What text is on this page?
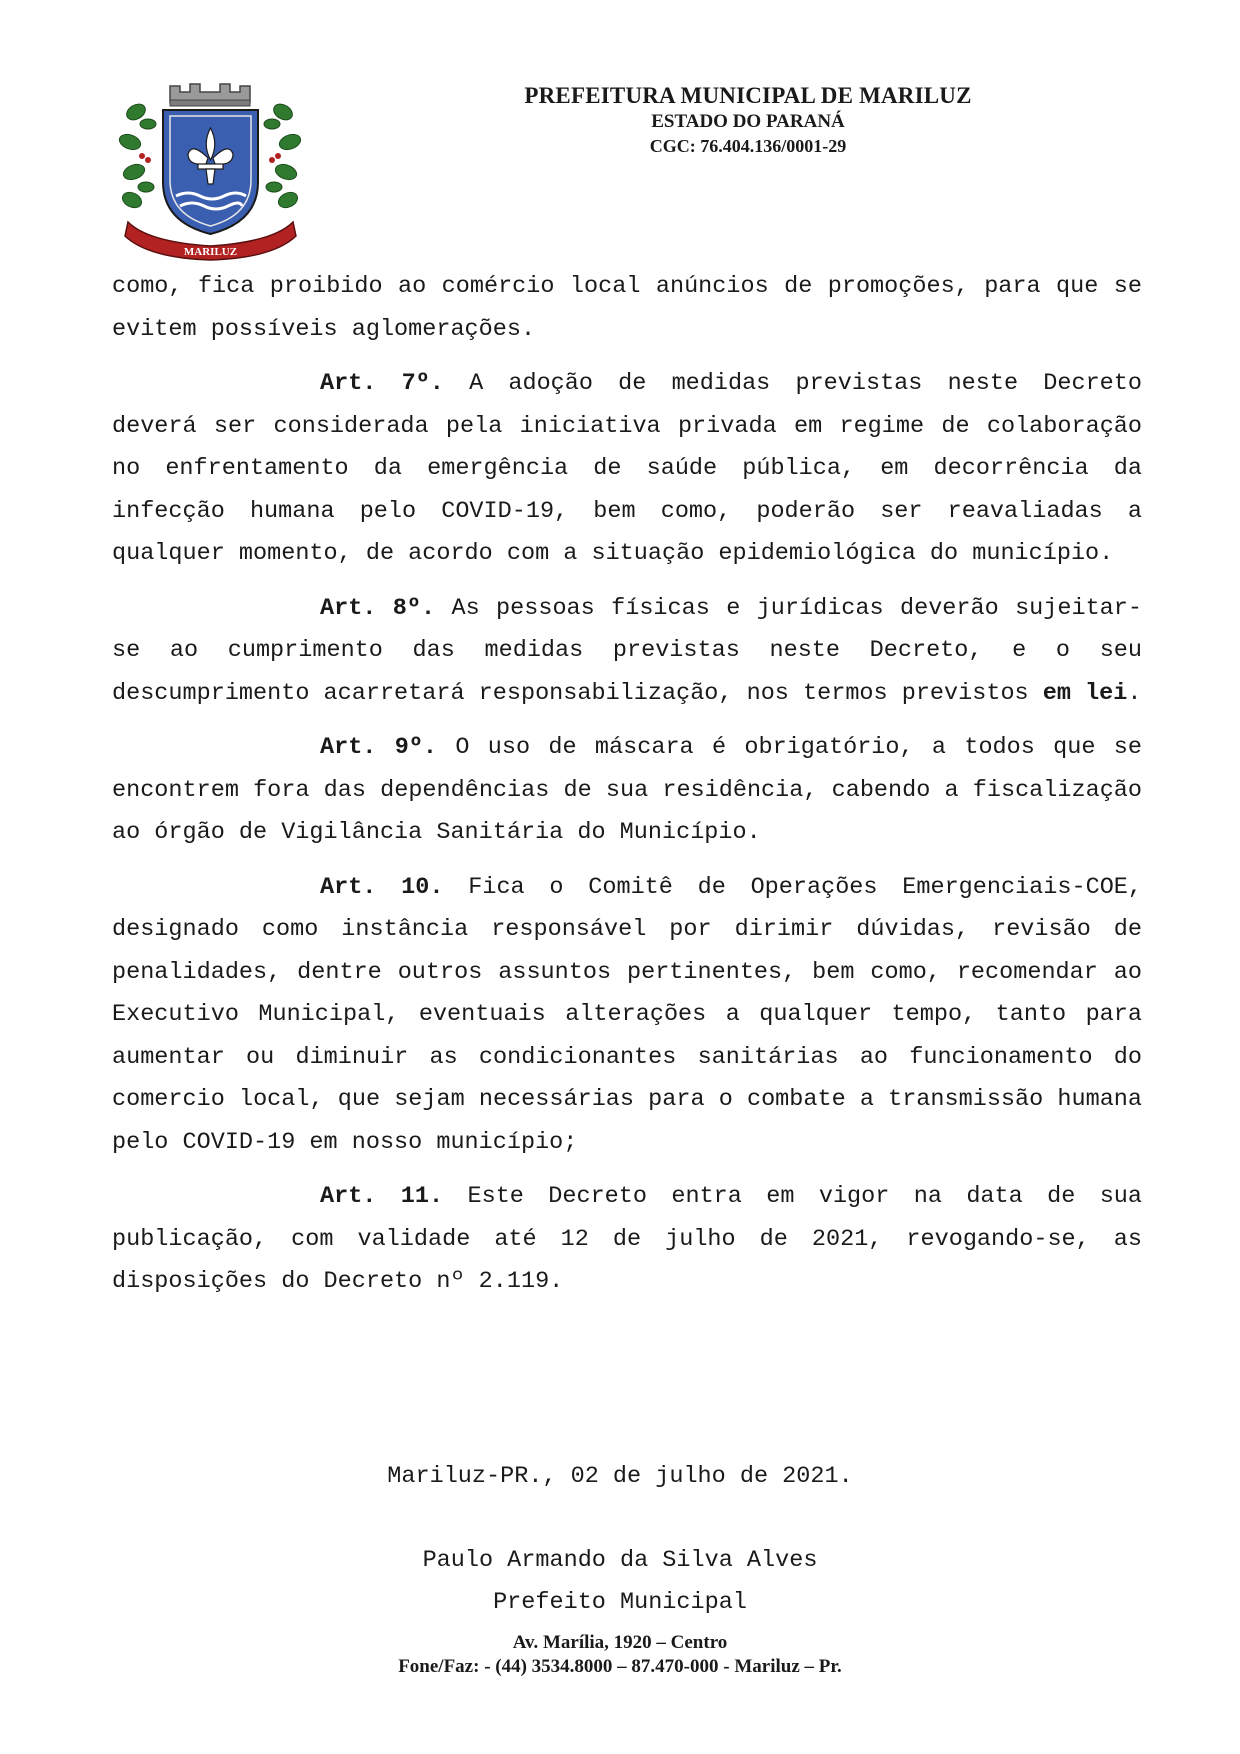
MARILUZ
PREFEITURA MUNICIPAL DE MARILUZ
ESTADO DO PARANÁ
CGC: 76.404.136/0001-29

como, fica proibido ao comércio local anúncios de promoções, para que se evitem possíveis aglomerações.

Art. 7º. A adoção de medidas previstas neste Decreto deverá ser considerada pela iniciativa privada em regime de colaboração no enfrentamento da emergência de saúde pública, em decorrência da infecção humana pelo COVID-19, bem como, poderão ser reavaliadas a qualquer momento, de acordo com a situação epidemiológica do município.

Art. 8º. As pessoas físicas e jurídicas deverão sujeitar-se ao cumprimento das medidas previstas neste Decreto, e o seu descumprimento acarretará responsabilização, nos termos previstos em lei.

Art. 9º. O uso de máscara é obrigatório, a todos que se encontrem fora das dependências de sua residência, cabendo a fiscalização ao órgão de Vigilância Sanitária do Município.

Art. 10. Fica o Comitê de Operações Emergenciais-COE, designado como instância responsável por dirimir dúvidas, revisão de penalidades, dentre outros assuntos pertinentes, bem como, recomendar ao Executivo Municipal, eventuais alterações a qualquer tempo, tanto para aumentar ou diminuir as condicionantes sanitárias ao funcionamento do comercio local, que sejam necessárias para o combate a transmissão humana pelo COVID-19 em nosso município;

Art. 11. Este Decreto entra em vigor na data de sua publicação, com validade até 12 de julho de 2021, revogando-se, as disposições do Decreto nº 2.119.

Mariluz-PR., 02 de julho de 2021.
Paulo Armando da Silva Alves
Prefeito Municipal
Av. Marília, 1920 – Centro
Fone/Faz: - (44) 3534.8000 – 87.470-000 - Mariluz – Pr.
